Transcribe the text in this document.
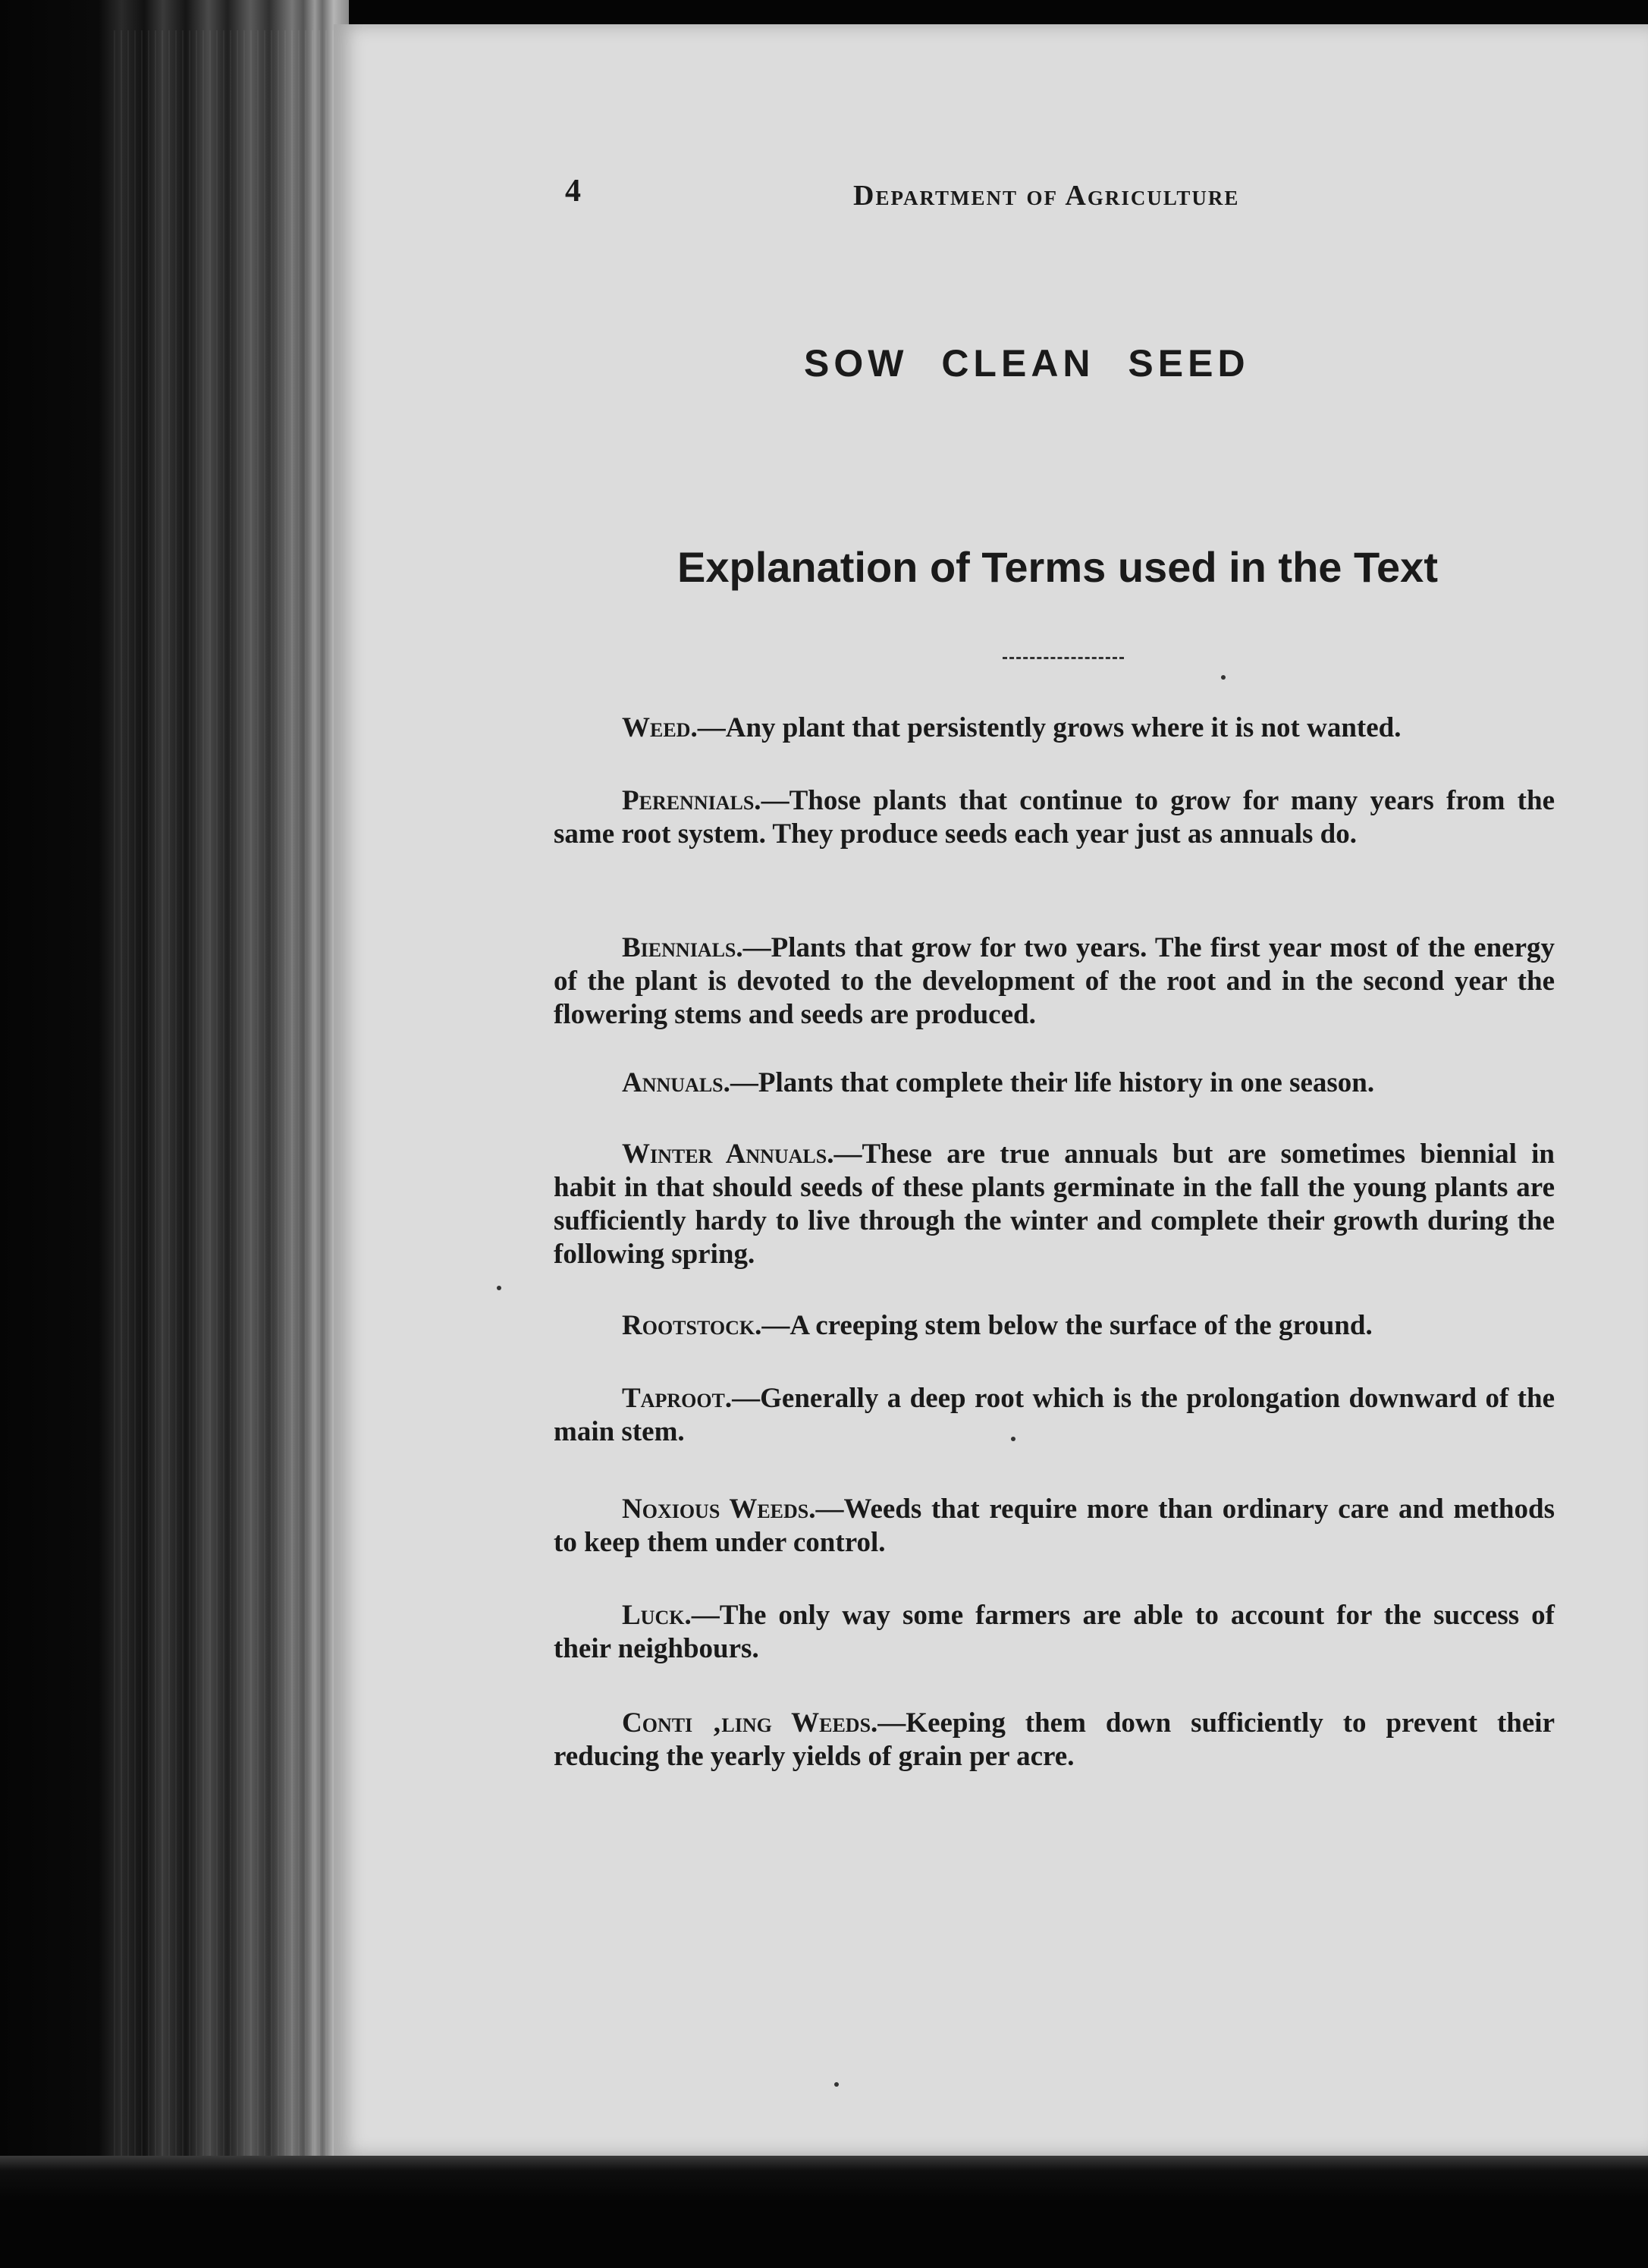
4	Department of Agriculture
SOW CLEAN SEED
Explanation of Terms used in the Text
Weed.—Any plant that persistently grows where it is not wanted.
Perennials.—Those plants that continue to grow for many years from the same root system. They produce seeds each year just as annuals do.
Biennials.—Plants that grow for two years. The first year most of the energy of the plant is devoted to the development of the root and in the second year the flowering stems and seeds are produced.
Annuals.—Plants that complete their life history in one season.
Winter Annuals.—These are true annuals but are sometimes biennial in habit in that should seeds of these plants germinate in the fall the young plants are sufficiently hardy to live through the winter and complete their growth during the following spring.
Rootstock.—A creeping stem below the surface of the ground.
Taproot.—Generally a deep root which is the prolongation downward of the main stem.
Noxious Weeds.—Weeds that require more than ordinary care and methods to keep them under control.
Luck.—The only way some farmers are able to account for the success of their neighbours.
Conti ‚ling Weeds.—Keeping them down sufficiently to prevent their reducing the yearly yields of grain per acre.
